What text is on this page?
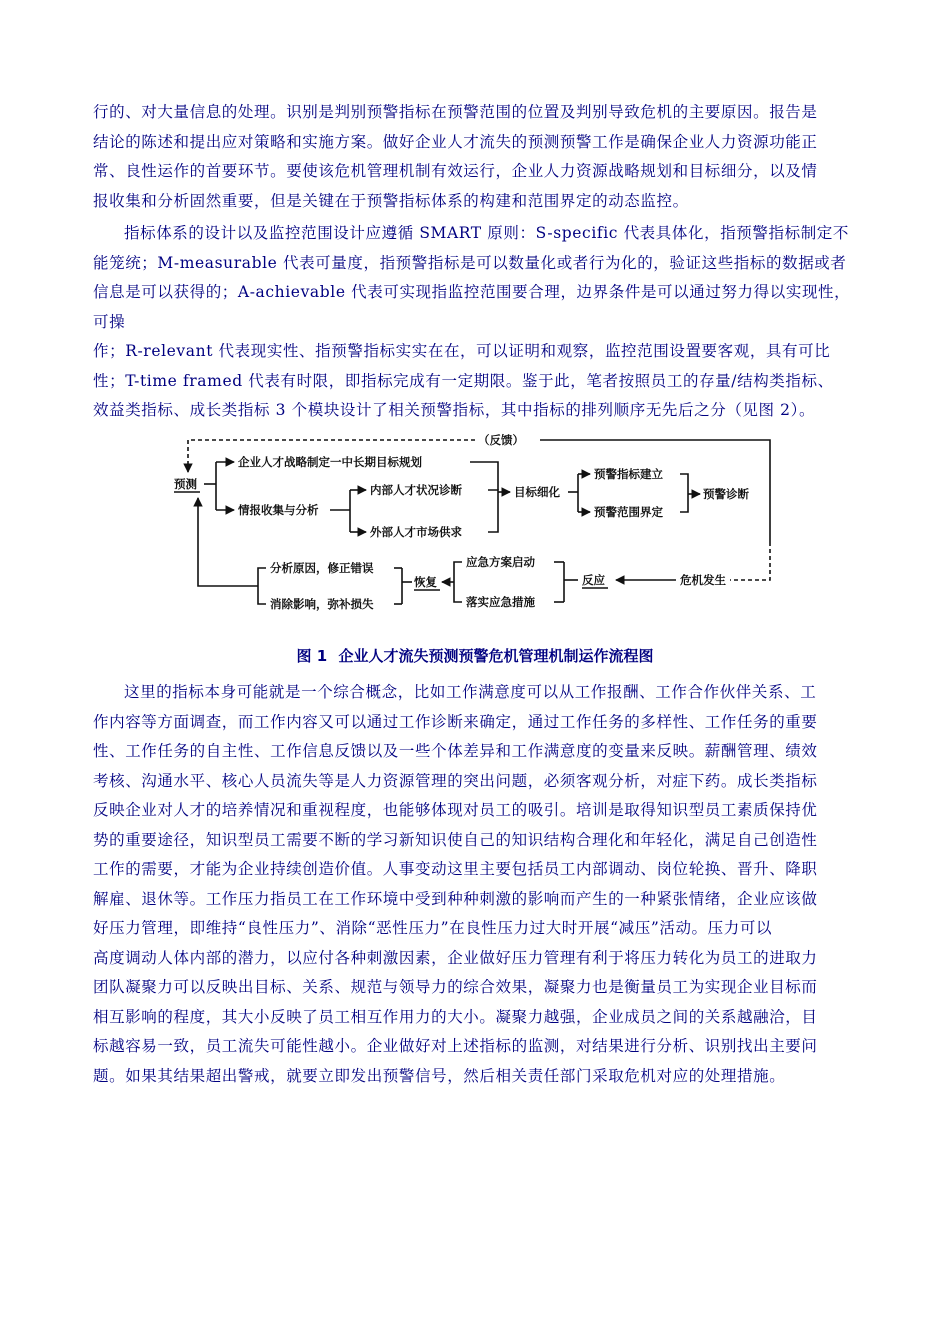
行的、对大量信息的处理。识别是判别预警指标在预警范围的位置及判别导致危机的主要原因。报告是
结论的陈述和提出应对策略和实施方案。做好企业人才流失的预测预警工作是确保企业人力资源功能正
常、良性运作的首要环节。要使该危机管理机制有效运行，企业人力资源战略规划和目标细分，以及情
报收集和分析固然重要，但是关键在于预警指标体系的构建和范围界定的动态监控。
指标体系的设计以及监控范围设计应遵循 SMART 原则：S-specific 代表具体化，指预警指标制定不
能笼统；M-measurable 代表可量度，指预警指标是可以数量化或者行为化的，验证这些指标的数据或者
信息是可以获得的；A-achievable 代表可实现指监控范围要合理，边界条件是可以通过努力得以实现性，
可操
作；R-relevant 代表现实性、指预警指标实实在在，可以证明和观察，监控范围设置要客观，具有可比
性；T-time framed 代表有时限，即指标完成有一定期限。鉴于此，笔者按照员工的存量/结构类指标、
效益类指标、成长类指标 3 个模块设计了相关预警指标，其中指标的排列顺序无先后之分（见图 2）。
（反馈）
预测
企业人才战略制定一中长期目标规划
情报收集与分析
内部人才状况诊断
外部人才市场供求
目标细化
预警指标建立
预警范围界定
预警诊断
危机发生
反应
应急方案启动
落实应急措施
恢复
分析原因，修正错误
消除影响，弥补损失

图 1 企业人才流失预测预警危机管理机制运作流程图

这里的指标本身可能就是一个综合概念，比如工作满意度可以从工作报酬、工作合作伙伴关系、工
作内容等方面调查，而工作内容又可以通过工作诊断来确定，通过工作任务的多样性、工作任务的重要
性、工作任务的自主性、工作信息反馈以及一些个体差异和工作满意度的变量来反映。薪酬管理、绩效
考核、沟通水平、核心人员流失等是人力资源管理的突出问题，必须客观分析，对症下药。成长类指标
反映企业对人才的培养情况和重视程度，也能够体现对员工的吸引。培训是取得知识型员工素质保持优
势的重要途径，知识型员工需要不断的学习新知识使自己的知识结构合理化和年轻化，满足自己创造性
工作的需要，才能为企业持续创造价值。人事变动这里主要包括员工内部调动、岗位轮换、晋升、降职
解雇、退休等。工作压力指员工在工作环境中受到种种刺激的影响而产生的一种紧张情绪，企业应该做
好压力管理，即维持“良性压力”、消除“恶性压力”在良性压力过大时开展“减压”活动。压力可以
高度调动人体内部的潜力，以应付各种刺激因素，企业做好压力管理有利于将压力转化为员工的进取力
团队凝聚力可以反映出目标、关系、规范与领导力的综合效果，凝聚力也是衡量员工为实现企业目标而
相互影响的程度，其大小反映了员工相互作用力的大小。凝聚力越强，企业成员之间的关系越融洽，目
标越容易一致，员工流失可能性越小。企业做好对上述指标的监测，对结果进行分析、识别找出主要问
题。如果其结果超出警戒，就要立即发出预警信号，然后相关责任部门采取危机对应的处理措施。
